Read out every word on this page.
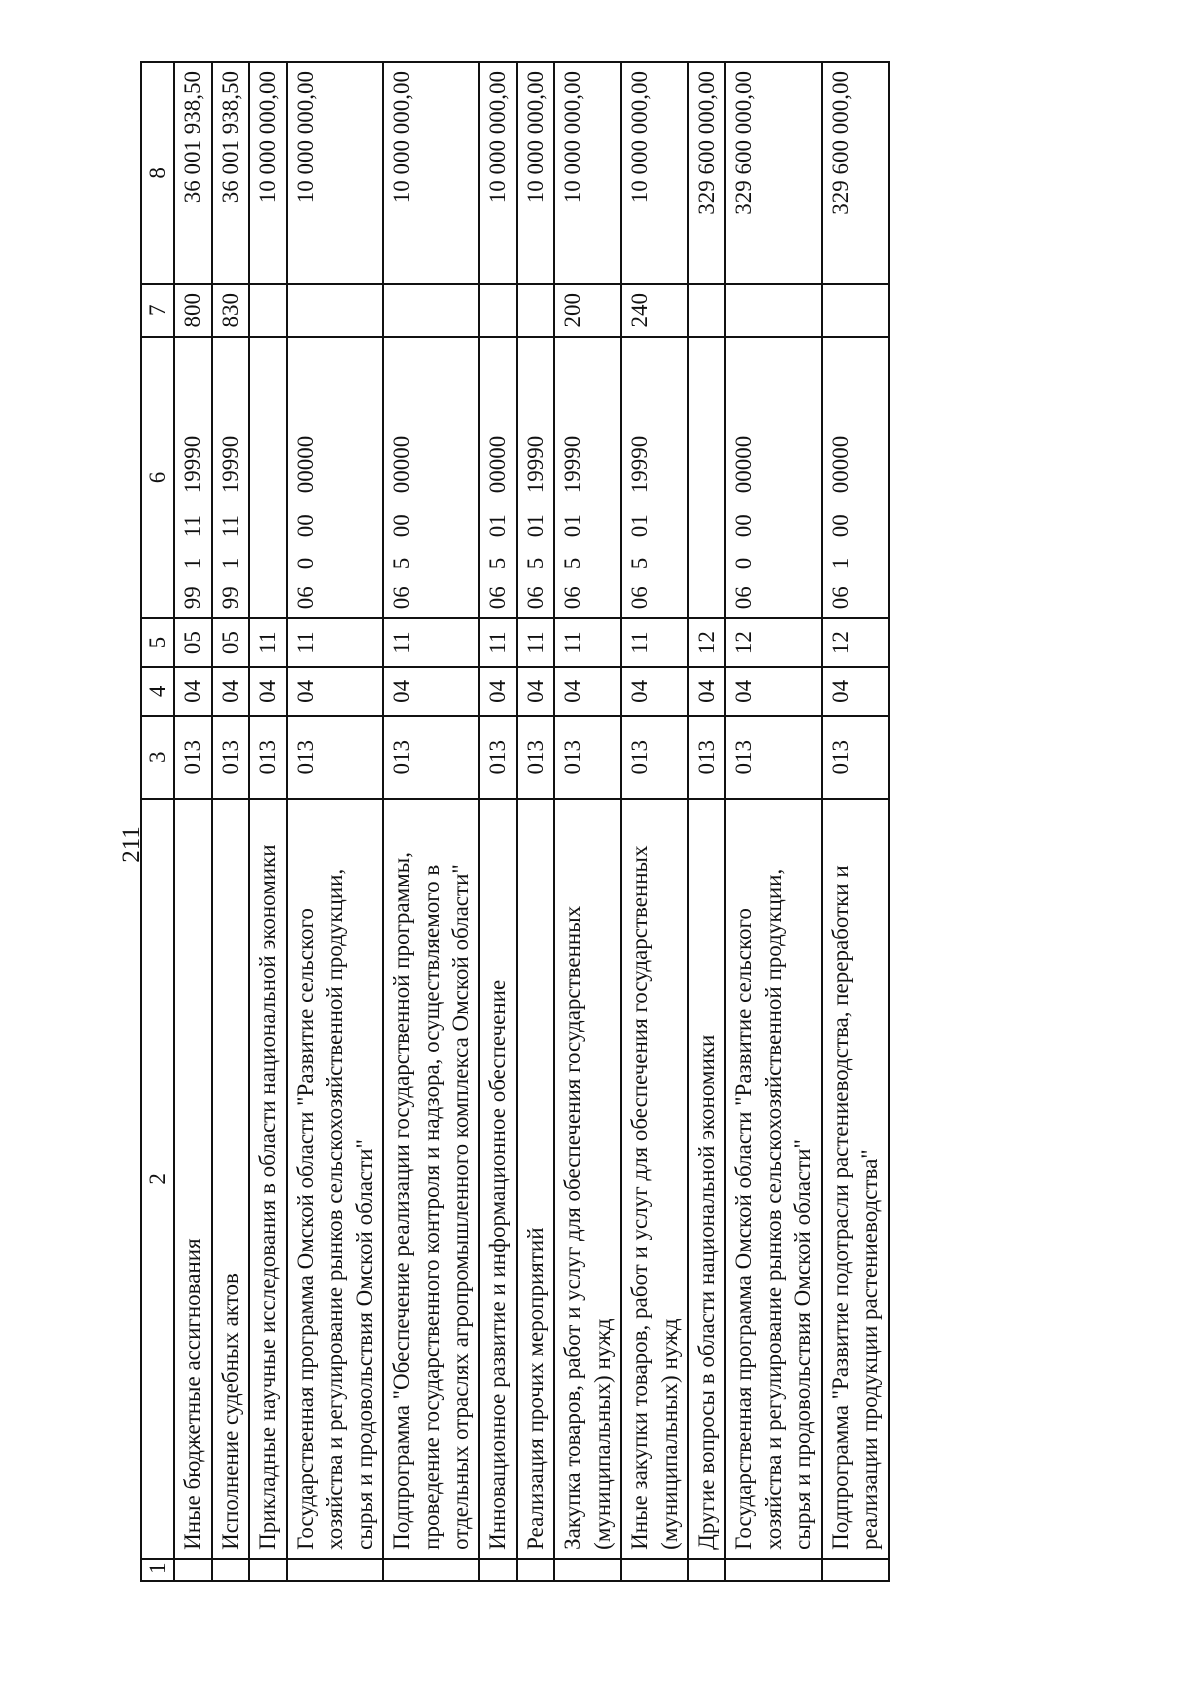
211
1	2	3	4	5	6	7	8
	Иные бюджетные ассигнования	013	04	05	9911119990	800	36 001 938,50
	Исполнение судебных актов	013	04	05	9911119990	830	36 001 938,50
	Прикладные научные исследования в области национальной экономики	013	04	11			10 000 000,00
	Государственная программа Омской области "Развитие сельского хозяйства и регулирование рынков сельскохозяйственной продукции, сырья и продовольствия Омской области"	013	04	11	0600000000		10 000 000,00
	Подпрограмма "Обеспечение реализации государственной программы, проведение государственного контроля и надзора, осуществляемого в отдельных отраслях агропромышленного комплекса Омской области"	013	04	11	0650000000		10 000 000,00
	Инновационное развитие и информационное обеспечение	013	04	11	0650100000		10 000 000,00
	Реализация прочих мероприятий	013	04	11	0650119990		10 000 000,00
	Закупка товаров, работ и услуг для обеспечения государственных (муниципальных) нужд	013	04	11	0650119990	200	10 000 000,00
	Иные закупки товаров, работ и услуг для обеспечения государственных (муниципальных) нужд	013	04	11	0650119990	240	10 000 000,00
	Другие вопросы в области национальной экономики	013	04	12			329 600 000,00
	Государственная программа Омской области "Развитие сельского хозяйства и регулирование рынков сельскохозяйственной продукции, сырья и продовольствия Омской области"	013	04	12	0600000000		329 600 000,00
	Подпрограмма "Развитие подотрасли растениеводства, переработки и реализации продукции растениеводства"	013	04	12	0610000000		329 600 000,00
